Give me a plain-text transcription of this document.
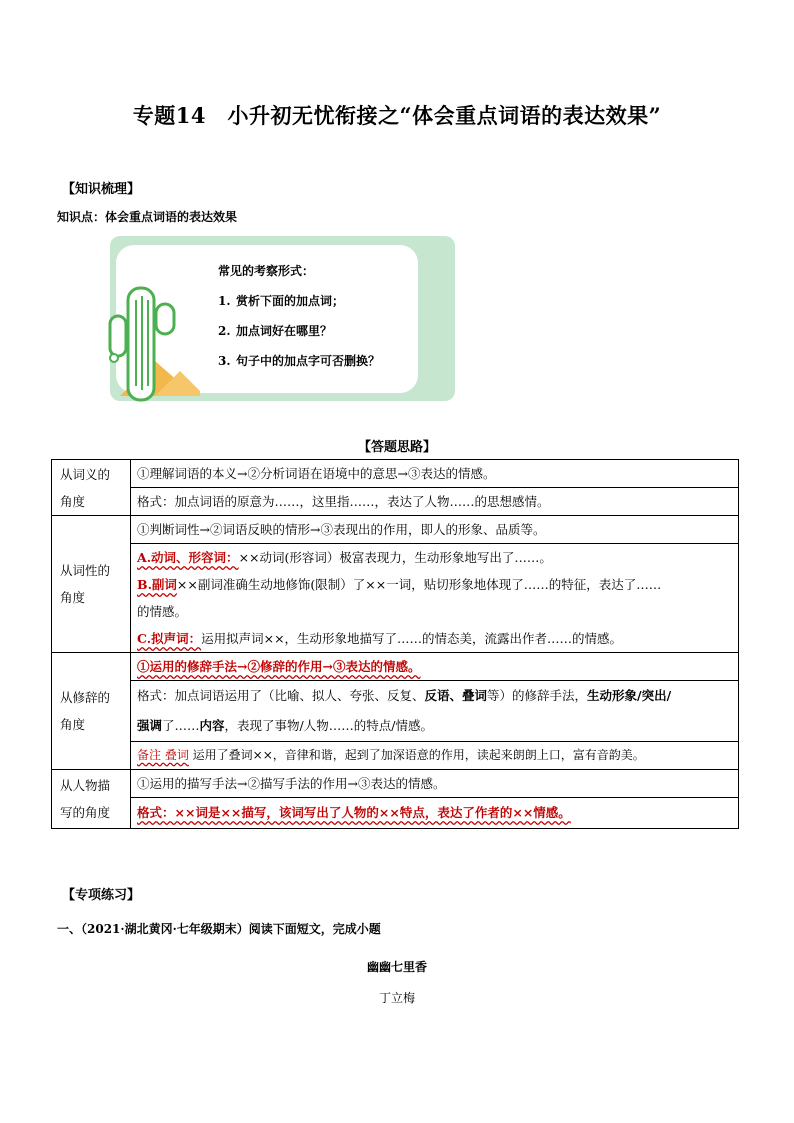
专题14　小升初无忧衔接之“体会重点词语的表达效果”
【知识梳理】
知识点：体会重点词语的表达效果
常见的考察形式：
1. 赏析下面的加点词；
2. 加点词好在哪里？
3. 句子中的加点字可否删换？
【答题思路】
从词义的
角度	①理解词语的本义→②分析词语在语境中的意思→③表达的情感。
	格式：加点词语的原意为……，这里指……，表达了人物……的思想感情。
从词性的
角度	①判断词性→②词语反映的情形→③表现出的作用，即人的形象、品质等。

	A.动词、形容词：××动词(形容词）极富表现力，生动形象地写出了……。
B.副词××副词准确生动地修饰(限制）了××一词，贴切形象地体现了……的特征，表达了……
的情感。
C.拟声词：运用拟声词××，生动形象地描写了……的情态美，流露出作者……的情感。

从修辞的
角度	①运用的修辞手法→②修辞的作用→③表达的情感。
	格式：加点词语运用了（比喻、拟人、夸张、反复、反语、叠词等）的修辞手法，生动形象/突出/
强调了……内容，表现了事物/人物……的特点/情感。
	备注 叠词 运用了叠词××，音律和谐，起到了加深语意的作用，读起来朗朗上口，富有音韵美。
从人物描
写的角度	①运用的描写手法→②描写手法的作用→③表达的情感。
	格式：××词是××描写，该词写出了人物的××特点，表达了作者的××情感。
【专项练习】
一、（2021·湖北黄冈·七年级期末）阅读下面短文，完成小题
幽幽七里香
丁立梅
